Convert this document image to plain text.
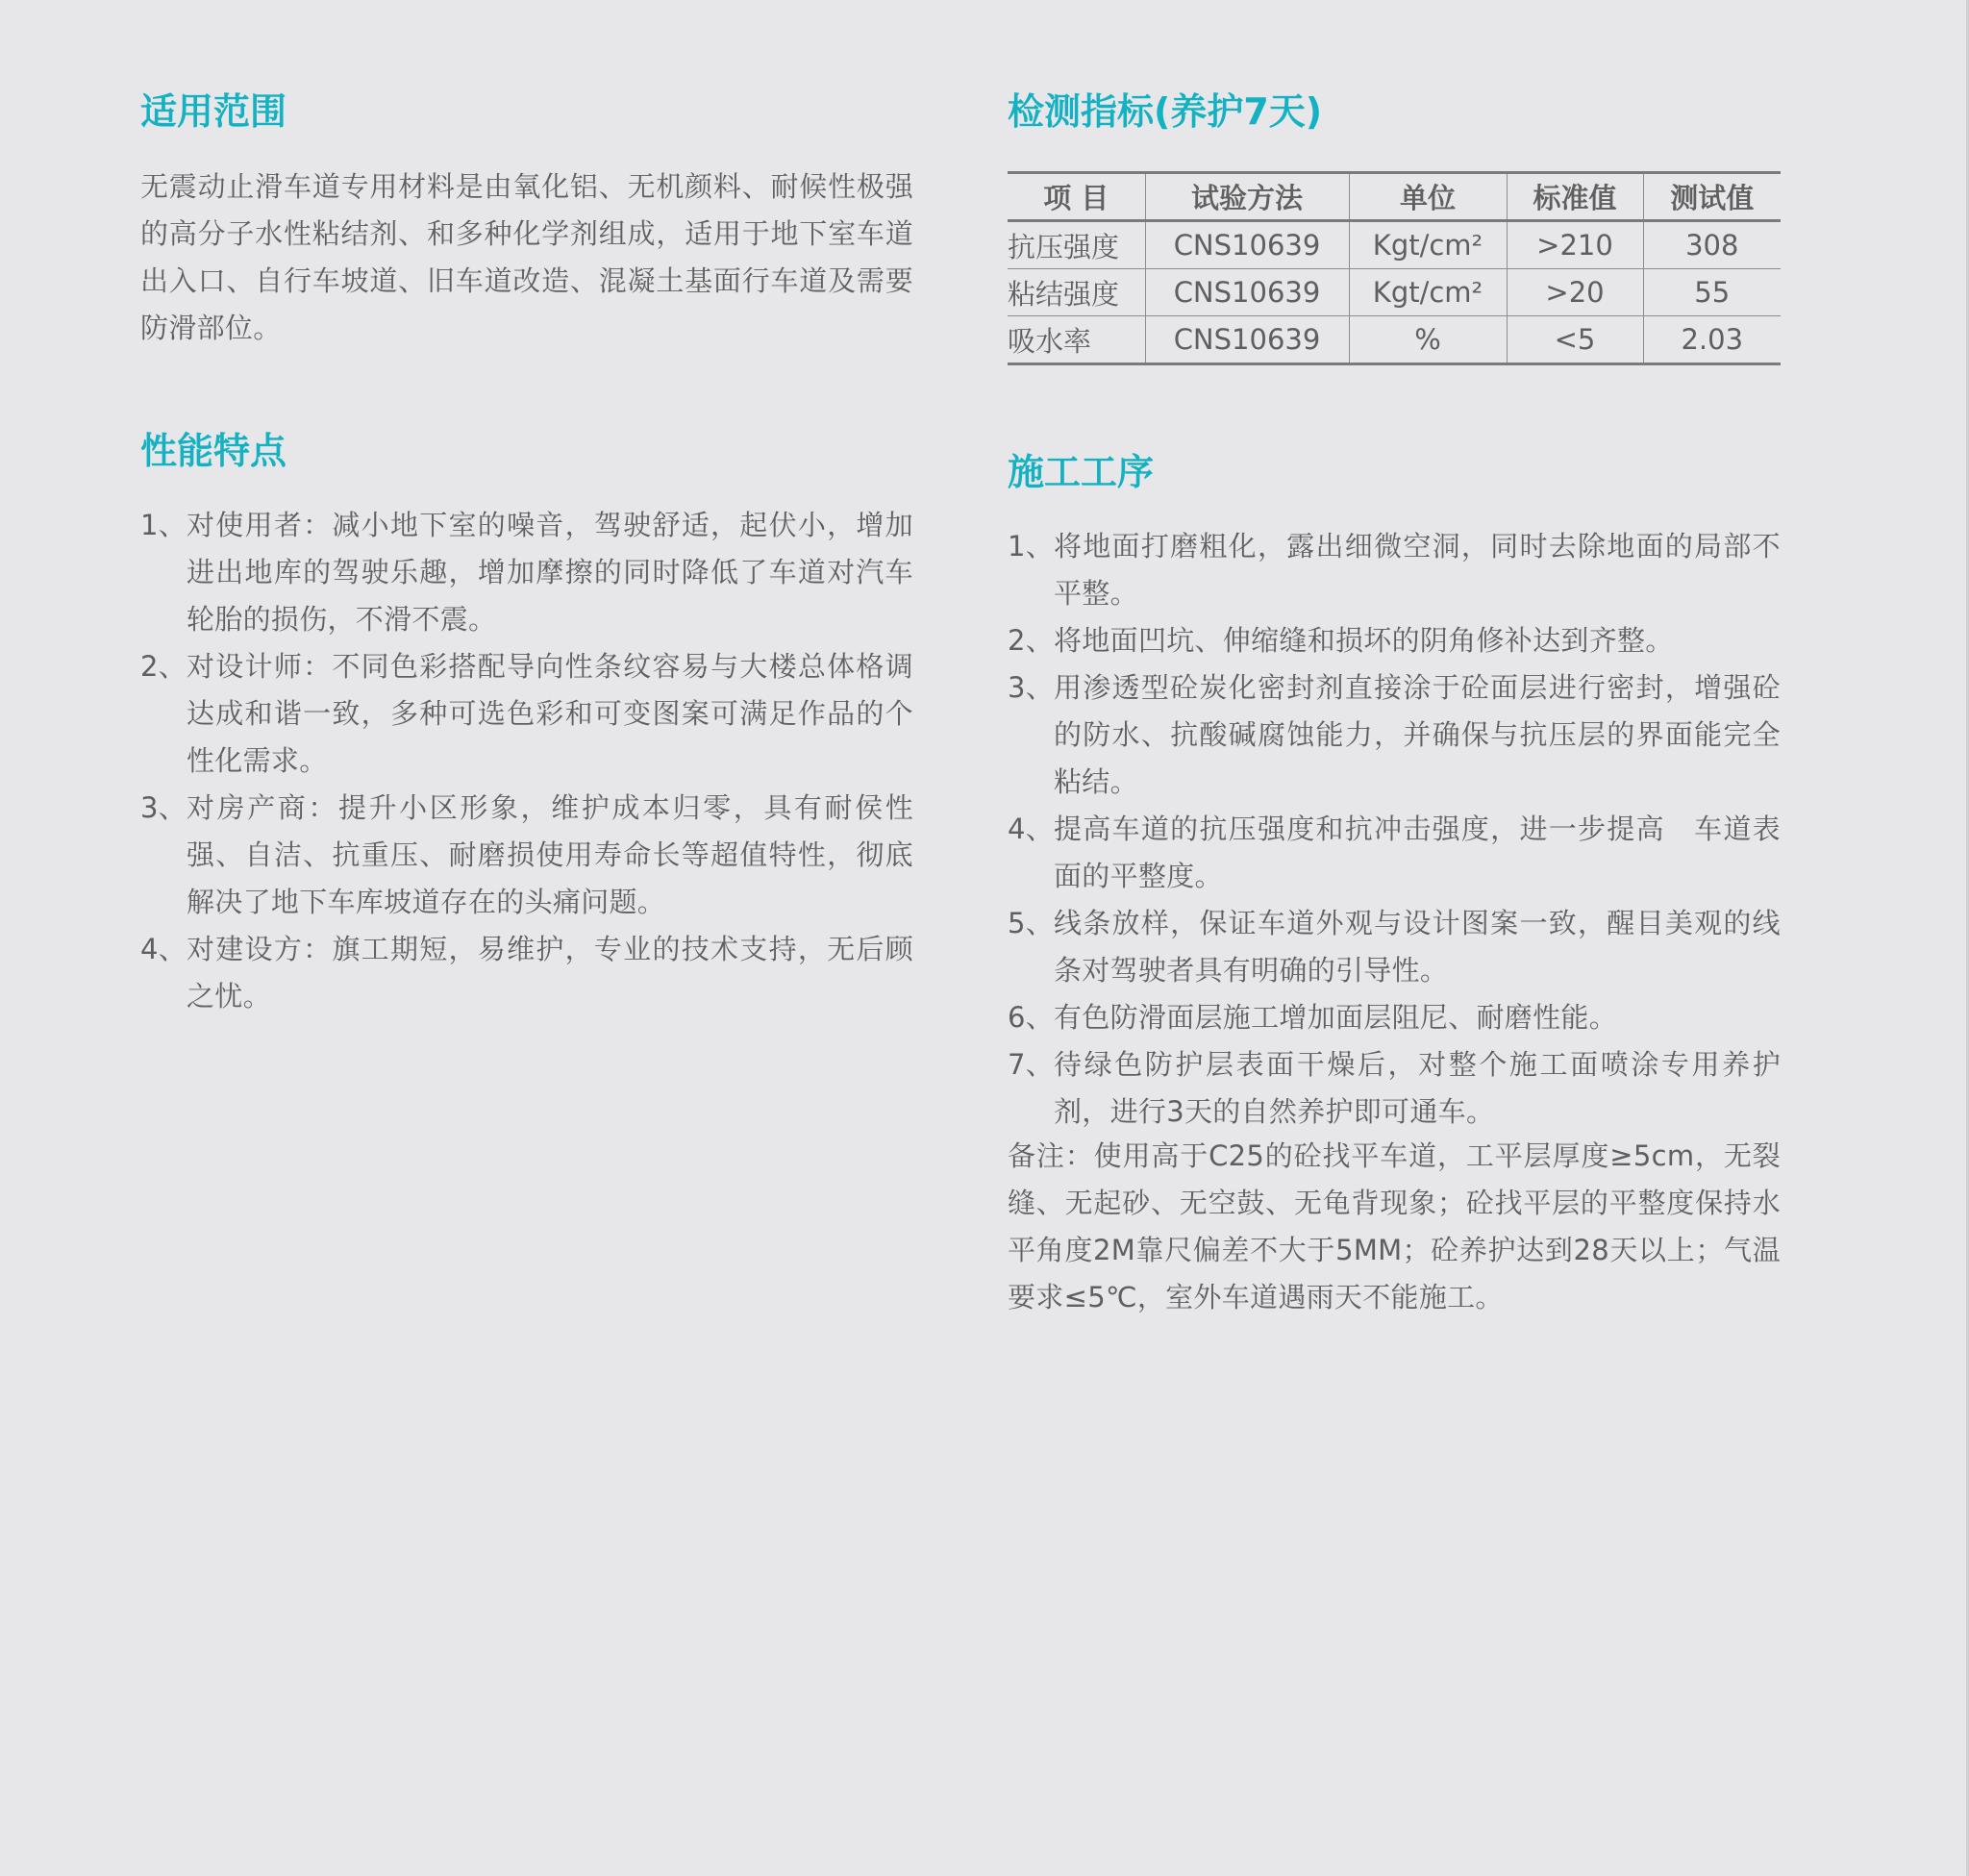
适用范围

无震动止滑车道专用材料是由氧化铝、无机颜料、耐候性极强的高分子水性粘结剂、和多种化学剂组成，适用于地下室车道出入口、自行车坡道、旧车道改造、混凝土基面行车道及需要防滑部位。

性能特点
1、 对使用者：减小地下室的噪音，驾驶舒适，起伏小，增加进出地库的驾驶乐趣，增加摩擦的同时降低了车道对汽车轮胎的损伤，不滑不震。
2、 对设计师：不同色彩搭配导向性条纹容易与大楼总体格调达成和谐一致，多种可选色彩和可变图案可满足作品的个性化需求。
3、 对房产商：提升小区形象，维护成本归零，具有耐侯性强、自洁、抗重压、耐磨损使用寿命长等超值特性，彻底解决了地下车库坡道存在的头痛问题。
4、 对建设方：旗工期短，易维护，专业的技术支持，无后顾之忧。
检测指标(养护7天)
项 目	试验方法	单位	标准值	测试值
抗压强度	CNS10639	Kgt/cm²	>210	308
粘结强度	CNS10639	Kgt/cm²	>20	55
吸水率	CNS10639	%	<5	2.03
施工工序
1、 将地面打磨粗化，露出细微空洞，同时去除地面的局部不平整。
2、 将地面凹坑、伸缩缝和损坏的阴角修补达到齐整。
3、 用渗透型砼炭化密封剂直接涂于砼面层进行密封，增强砼的防水、抗酸碱腐蚀能力，并确保与抗压层的界面能完全粘结。
4、 提高车道的抗压强度和抗冲击强度，进一步提高　车道表面的平整度。
5、 线条放样，保证车道外观与设计图案一致，醒目美观的线条对驾驶者具有明确的引导性。
6、 有色防滑面层施工增加面层阻尼、耐磨性能。
7、 待绿色防护层表面干燥后，对整个施工面喷涂专用养护剂，进行3天的自然养护即可通车。

备注：使用高于C25的砼找平车道，工平层厚度≥5cm，无裂缝、无起砂、无空鼓、无龟背现象；砼找平层的平整度保持水平角度2M靠尺偏差不大于5MM；砼养护达到28天以上；气温要求≤5℃，室外车道遇雨天不能施工。
